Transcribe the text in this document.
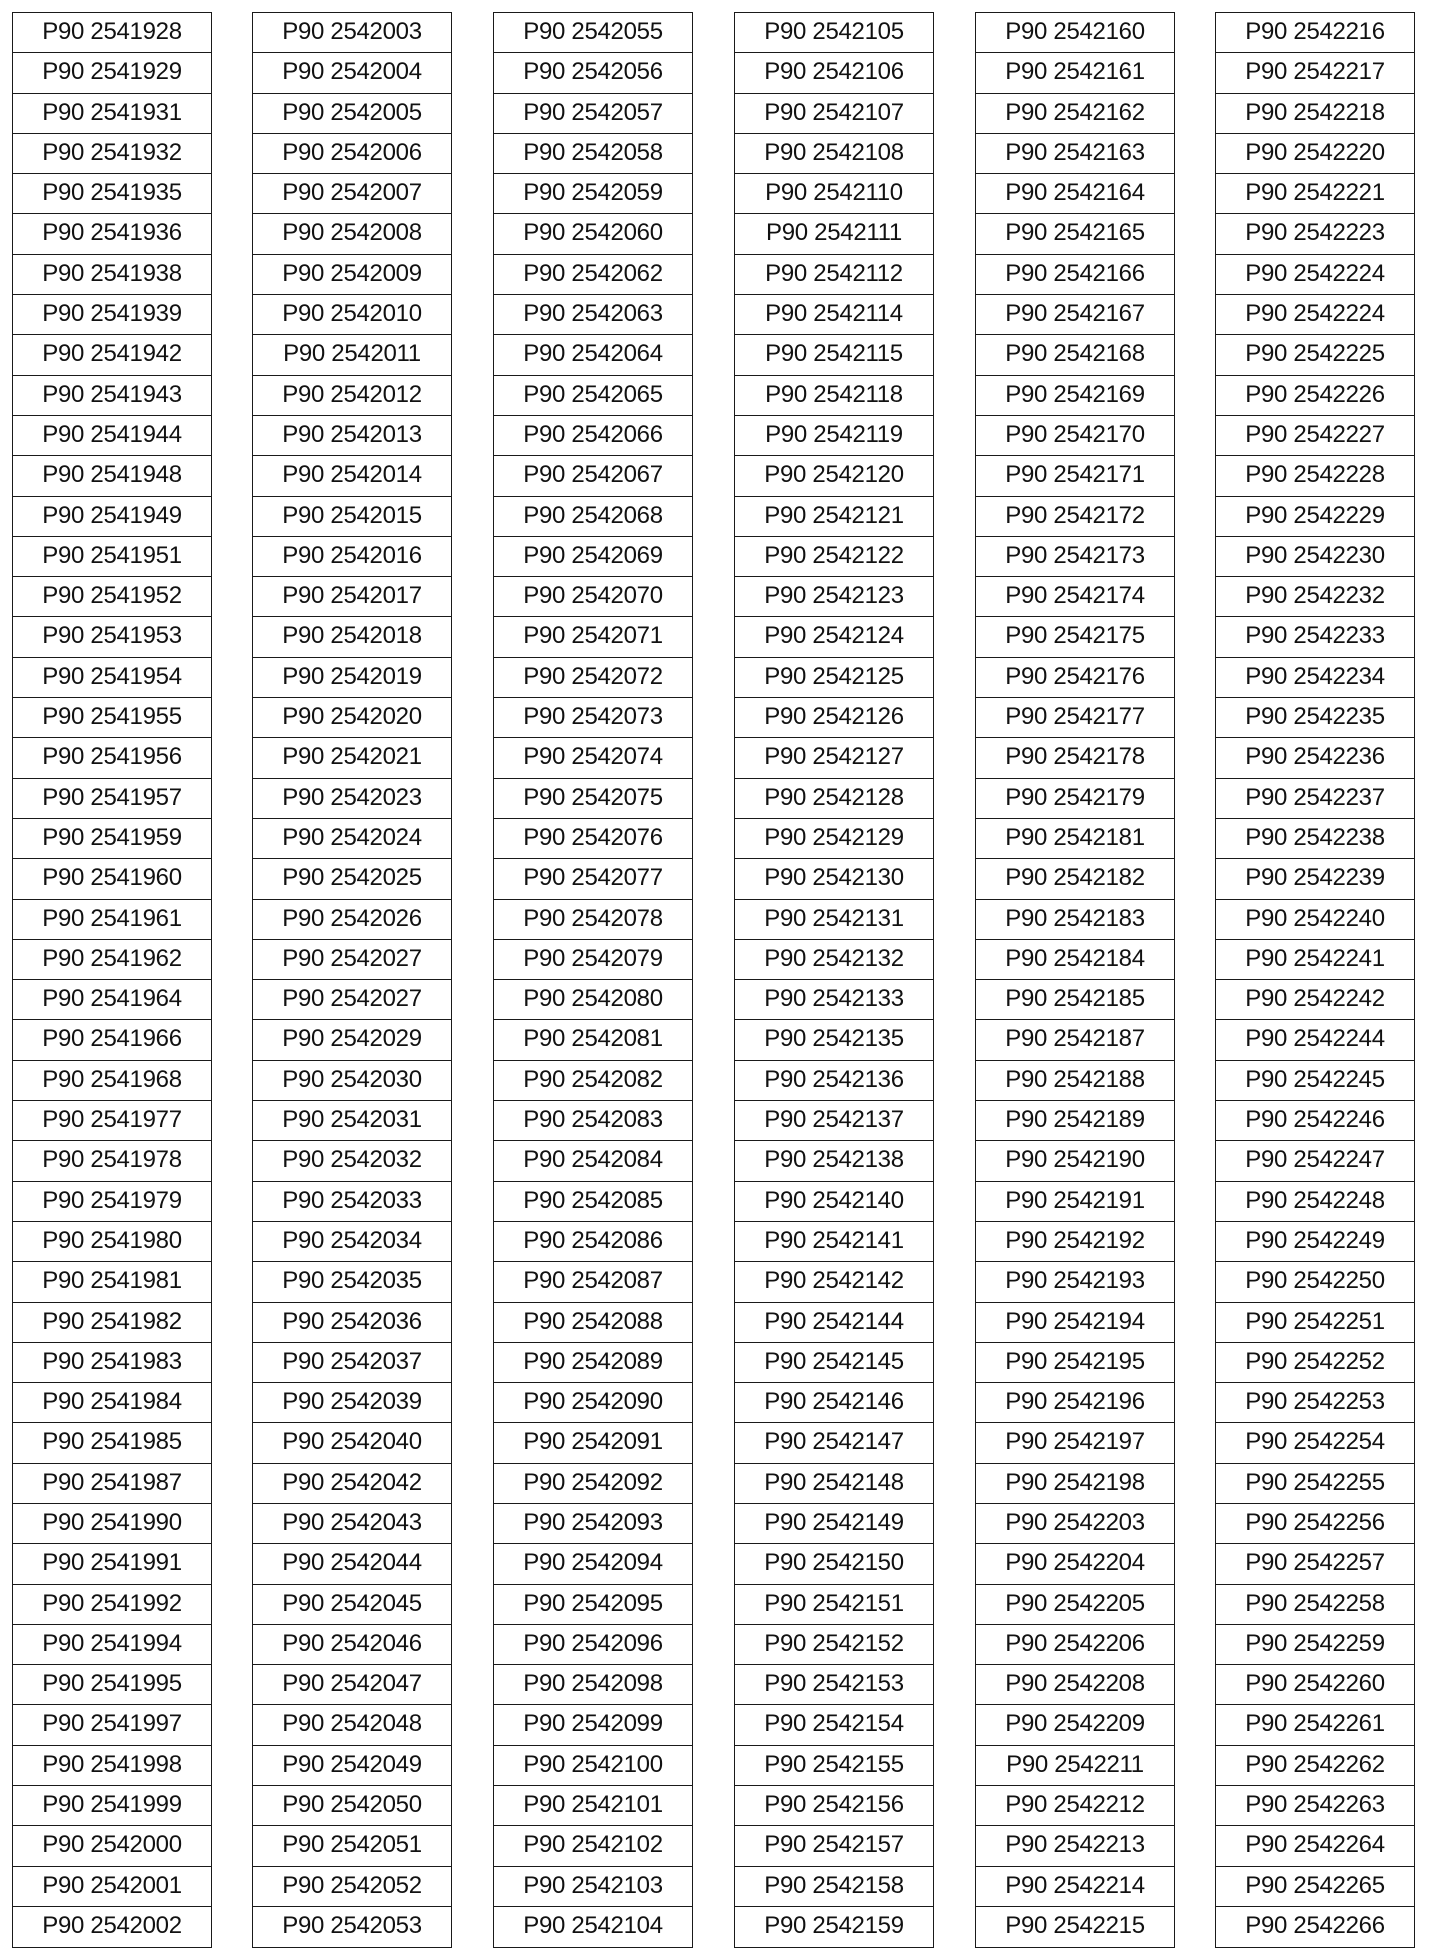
P90 2541928
P90 2541929
P90 2541931
P90 2541932
P90 2541935
P90 2541936
P90 2541938
P90 2541939
P90 2541942
P90 2541943
P90 2541944
P90 2541948
P90 2541949
P90 2541951
P90 2541952
P90 2541953
P90 2541954
P90 2541955
P90 2541956
P90 2541957
P90 2541959
P90 2541960
P90 2541961
P90 2541962
P90 2541964
P90 2541966
P90 2541968
P90 2541977
P90 2541978
P90 2541979
P90 2541980
P90 2541981
P90 2541982
P90 2541983
P90 2541984
P90 2541985
P90 2541987
P90 2541990
P90 2541991
P90 2541992
P90 2541994
P90 2541995
P90 2541997
P90 2541998
P90 2541999
P90 2542000
P90 2542001
P90 2542002
P90 2542003
P90 2542004
P90 2542005
P90 2542006
P90 2542007
P90 2542008
P90 2542009
P90 2542010
P90 2542011
P90 2542012
P90 2542013
P90 2542014
P90 2542015
P90 2542016
P90 2542017
P90 2542018
P90 2542019
P90 2542020
P90 2542021
P90 2542023
P90 2542024
P90 2542025
P90 2542026
P90 2542027
P90 2542027
P90 2542029
P90 2542030
P90 2542031
P90 2542032
P90 2542033
P90 2542034
P90 2542035
P90 2542036
P90 2542037
P90 2542039
P90 2542040
P90 2542042
P90 2542043
P90 2542044
P90 2542045
P90 2542046
P90 2542047
P90 2542048
P90 2542049
P90 2542050
P90 2542051
P90 2542052
P90 2542053
P90 2542055
P90 2542056
P90 2542057
P90 2542058
P90 2542059
P90 2542060
P90 2542062
P90 2542063
P90 2542064
P90 2542065
P90 2542066
P90 2542067
P90 2542068
P90 2542069
P90 2542070
P90 2542071
P90 2542072
P90 2542073
P90 2542074
P90 2542075
P90 2542076
P90 2542077
P90 2542078
P90 2542079
P90 2542080
P90 2542081
P90 2542082
P90 2542083
P90 2542084
P90 2542085
P90 2542086
P90 2542087
P90 2542088
P90 2542089
P90 2542090
P90 2542091
P90 2542092
P90 2542093
P90 2542094
P90 2542095
P90 2542096
P90 2542098
P90 2542099
P90 2542100
P90 2542101
P90 2542102
P90 2542103
P90 2542104
P90 2542105
P90 2542106
P90 2542107
P90 2542108
P90 2542110
P90 2542111
P90 2542112
P90 2542114
P90 2542115
P90 2542118
P90 2542119
P90 2542120
P90 2542121
P90 2542122
P90 2542123
P90 2542124
P90 2542125
P90 2542126
P90 2542127
P90 2542128
P90 2542129
P90 2542130
P90 2542131
P90 2542132
P90 2542133
P90 2542135
P90 2542136
P90 2542137
P90 2542138
P90 2542140
P90 2542141
P90 2542142
P90 2542144
P90 2542145
P90 2542146
P90 2542147
P90 2542148
P90 2542149
P90 2542150
P90 2542151
P90 2542152
P90 2542153
P90 2542154
P90 2542155
P90 2542156
P90 2542157
P90 2542158
P90 2542159
P90 2542160
P90 2542161
P90 2542162
P90 2542163
P90 2542164
P90 2542165
P90 2542166
P90 2542167
P90 2542168
P90 2542169
P90 2542170
P90 2542171
P90 2542172
P90 2542173
P90 2542174
P90 2542175
P90 2542176
P90 2542177
P90 2542178
P90 2542179
P90 2542181
P90 2542182
P90 2542183
P90 2542184
P90 2542185
P90 2542187
P90 2542188
P90 2542189
P90 2542190
P90 2542191
P90 2542192
P90 2542193
P90 2542194
P90 2542195
P90 2542196
P90 2542197
P90 2542198
P90 2542203
P90 2542204
P90 2542205
P90 2542206
P90 2542208
P90 2542209
P90 2542211
P90 2542212
P90 2542213
P90 2542214
P90 2542215
P90 2542216
P90 2542217
P90 2542218
P90 2542220
P90 2542221
P90 2542223
P90 2542224
P90 2542224
P90 2542225
P90 2542226
P90 2542227
P90 2542228
P90 2542229
P90 2542230
P90 2542232
P90 2542233
P90 2542234
P90 2542235
P90 2542236
P90 2542237
P90 2542238
P90 2542239
P90 2542240
P90 2542241
P90 2542242
P90 2542244
P90 2542245
P90 2542246
P90 2542247
P90 2542248
P90 2542249
P90 2542250
P90 2542251
P90 2542252
P90 2542253
P90 2542254
P90 2542255
P90 2542256
P90 2542257
P90 2542258
P90 2542259
P90 2542260
P90 2542261
P90 2542262
P90 2542263
P90 2542264
P90 2542265
P90 2542266
